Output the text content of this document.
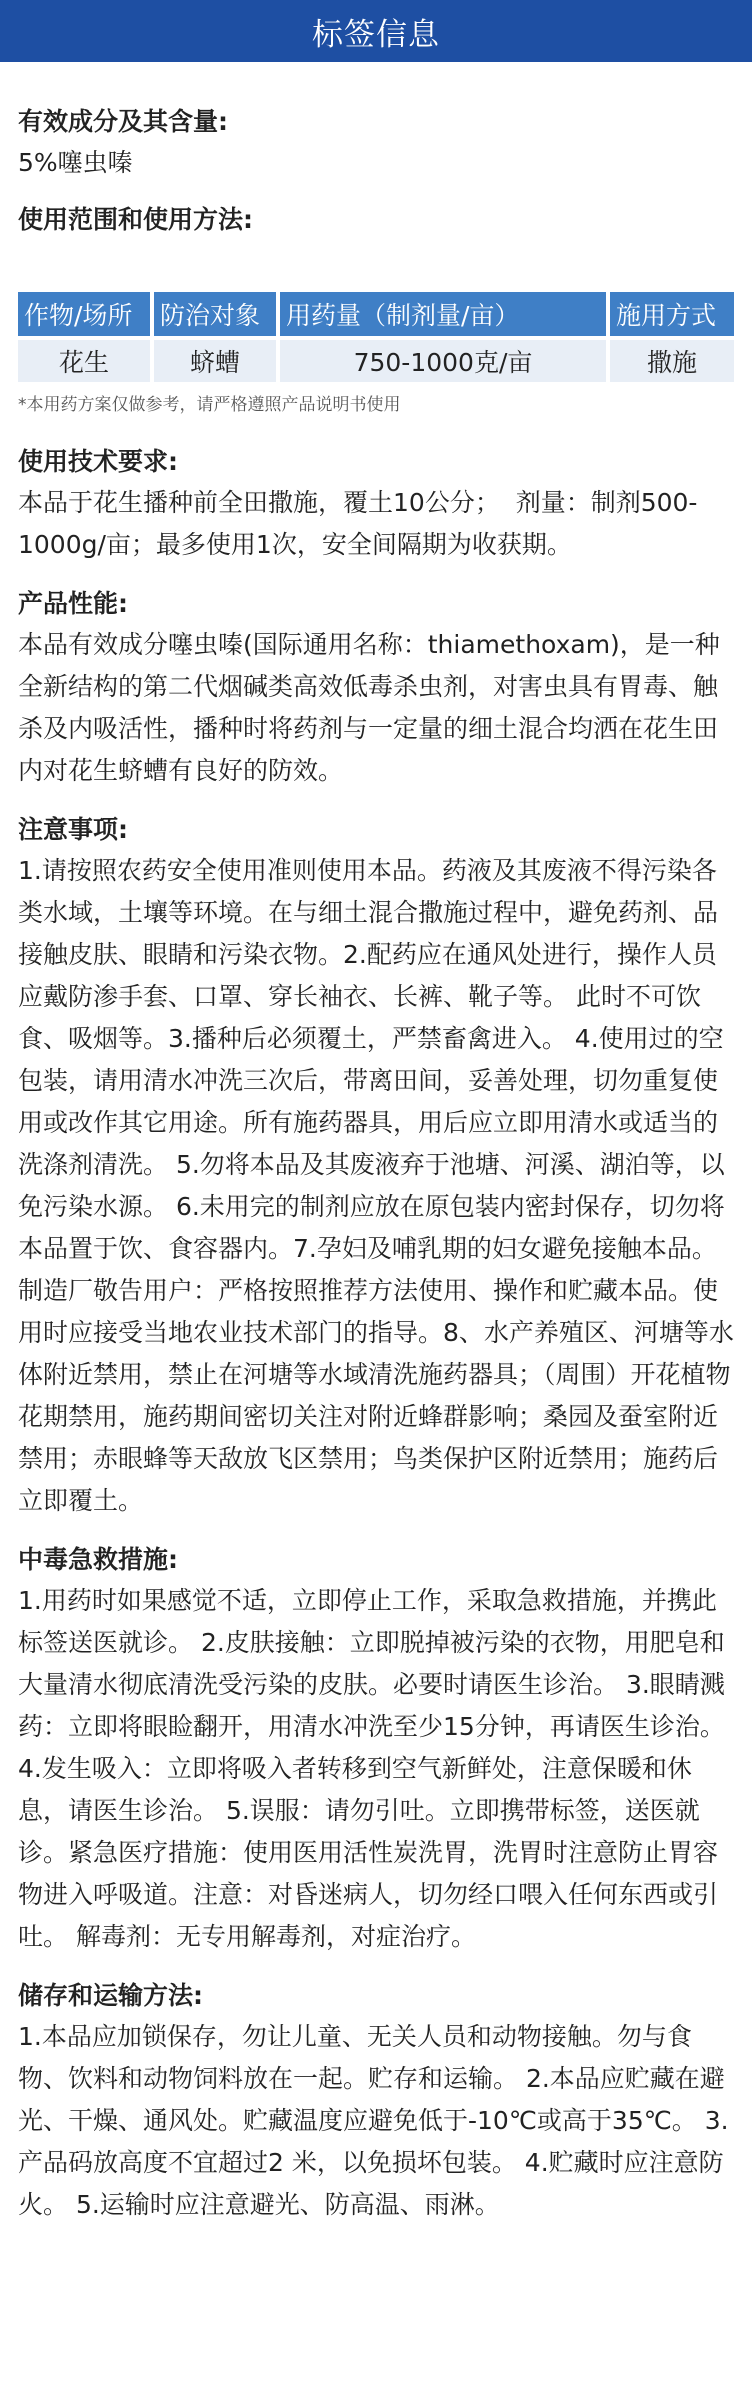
标签信息

有效成分及其含量:

5%噻虫嗪

使用范围和使用方法:

作物/场所	防治对象	用药量（制剂量/亩）	施用方式
花生	蛴螬	750-1000克/亩	撒施

*本用药方案仅做参考，请严格遵照产品说明书使用

使用技术要求:

本品于花生播种前全田撒施，覆土10公分；  剂量：制剂500-1000g/亩；最多使用1次，安全间隔期为收获期。

产品性能:

本品有效成分噻虫嗪(国际通用名称：thiamethoxam)，是一种全新结构的第二代烟碱类高效低毒杀虫剂，对害虫具有胃毒、触杀及内吸活性，播种时将药剂与一定量的细土混合均洒在花生田内对花生蛴螬有良好的防效。

注意事项:

1.请按照农药安全使用准则使用本品。药液及其废液不得污染各类水域，土壤等环境。在与细土混合撒施过程中，避免药剂、品接触皮肤、眼睛和污染衣物。2.配药应在通风处进行，操作人员应戴防渗手套、口罩、穿长袖衣、长裤、靴子等。 此时不可饮食、吸烟等。3.播种后必须覆土，严禁畜禽进入。 4.使用过的空包装，请用清水冲洗三次后，带离田间，妥善处理，切勿重复使用或改作其它用途。所有施药器具，用后应立即用清水或适当的洗涤剂清洗。 5.勿将本品及其废液弃于池塘、河溪、湖泊等，以免污染水源。 6.未用完的制剂应放在原包装内密封保存，切勿将本品置于饮、食容器内。7.孕妇及哺乳期的妇女避免接触本品。 制造厂敬告用户：严格按照推荐方法使用、操作和贮藏本品。使用时应接受当地农业技术部门的指导。8、水产养殖区、河塘等水体附近禁用，禁止在河塘等水域清洗施药器具；（周围）开花植物花期禁用，施药期间密切关注对附近蜂群影响；桑园及蚕室附近禁用；赤眼蜂等天敌放飞区禁用；鸟类保护区附近禁用；施药后立即覆土。

中毒急救措施:

1.用药时如果感觉不适，立即停止工作，采取急救措施，并携此标签送医就诊。 2.皮肤接触：立即脱掉被污染的衣物，用肥皂和大量清水彻底清洗受污染的皮肤。必要时请医生诊治。 3.眼睛溅药：立即将眼睑翻开，用清水冲洗至少15分钟，再请医生诊治。 4.发生吸入：立即将吸入者转移到空气新鲜处，注意保暖和休息，请医生诊治。 5.误服：请勿引吐。立即携带标签，送医就诊。紧急医疗措施：使用医用活性炭洗胃，洗胃时注意防止胃容物进入呼吸道。注意：对昏迷病人，切勿经口喂入任何东西或引吐。 解毒剂：无专用解毒剂，对症治疗。

储存和运输方法:

1.本品应加锁保存，勿让儿童、无关人员和动物接触。勿与食物、饮料和动物饲料放在一起。贮存和运输。 2.本品应贮藏在避光、干燥、通风处。贮藏温度应避免低于-10℃或高于35℃。 3.产品码放高度不宜超过2 米，以免损坏包装。 4.贮藏时应注意防火。 5.运输时应注意避光、防高温、雨淋。
